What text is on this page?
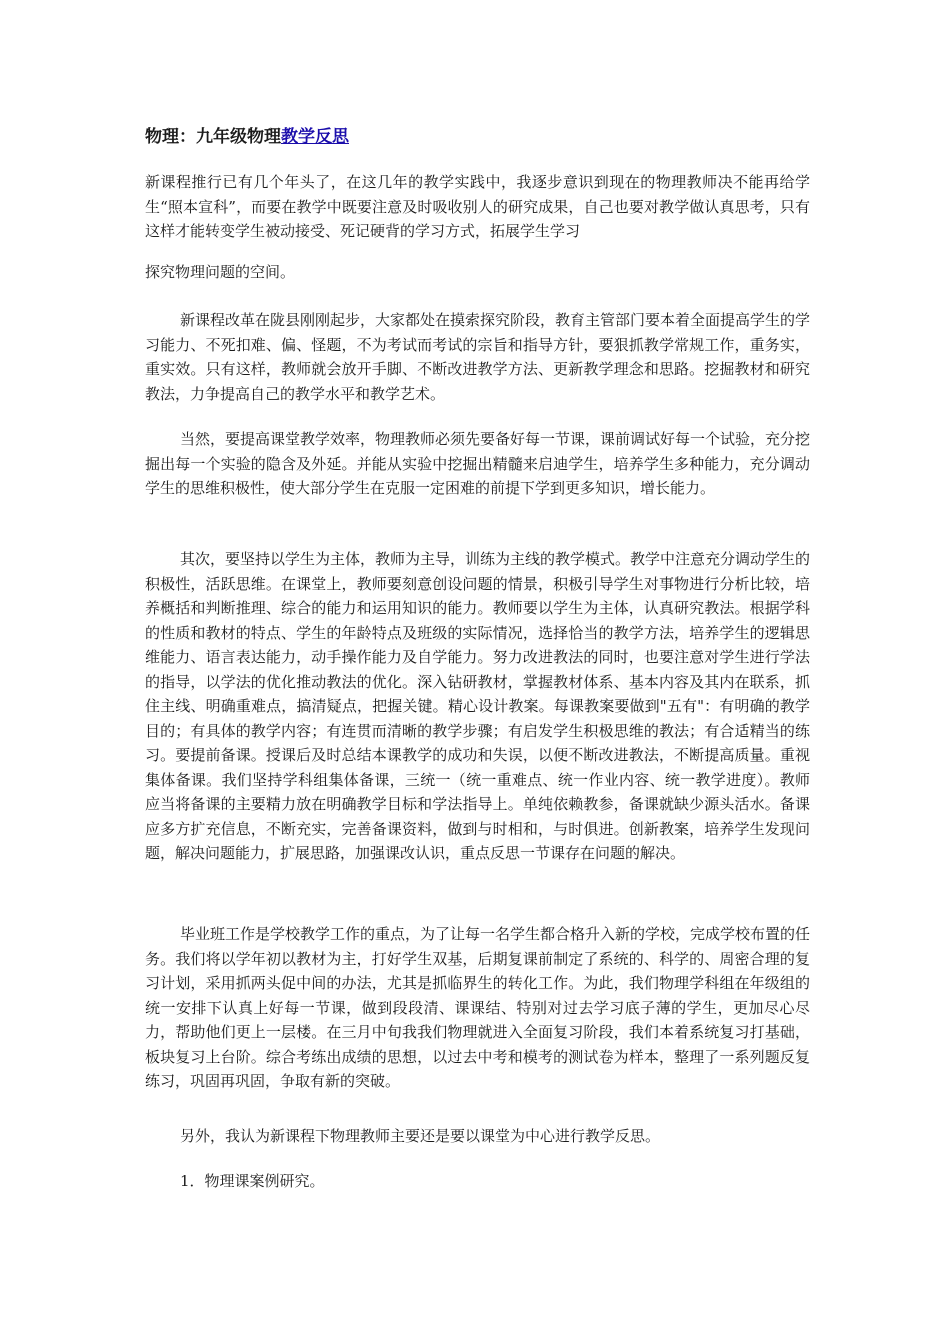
物理：九年级物理教学反思

新课程推行已有几个年头了，在这几年的教学实践中，我逐步意识到现在的物理教师决不能再给学生“照本宣科”，而要在教学中既要注意及时吸收别人的研究成果，自己也要对教学做认真思考，只有这样才能转变学生被动接受、死记硬背的学习方式，拓展学生学习

探究物理问题的空间。

新课程改革在陇县刚刚起步，大家都处在摸索探究阶段，教育主管部门要本着全面提高学生的学习能力、不死扣难、偏、怪题，不为考试而考试的宗旨和指导方针，要狠抓教学常规工作，重务实，重实效。只有这样，教师就会放开手脚、不断改进教学方法、更新教学理念和思路。挖掘教材和研究教法，力争提高自己的教学水平和教学艺术。

当然，要提高课堂教学效率，物理教师必须先要备好每一节课，课前调试好每一个试验，充分挖掘出每一个实验的隐含及外延。并能从实验中挖掘出精髓来启迪学生，培养学生多种能力，充分调动学生的思维积极性，使大部分学生在克服一定困难的前提下学到更多知识，增长能力。

其次，要坚持以学生为主体，教师为主导，训练为主线的教学模式。教学中注意充分调动学生的积极性，活跃思维。在课堂上，教师要刻意创设问题的情景，积极引导学生对事物进行分析比较，培养概括和判断推理、综合的能力和运用知识的能力。教师要以学生为主体，认真研究教法。根据学科的性质和教材的特点、学生的年龄特点及班级的实际情况，选择恰当的教学方法，培养学生的逻辑思维能力、语言表达能力，动手操作能力及自学能力。努力改进教法的同时，也要注意对学生进行学法的指导，以学法的优化推动教法的优化。深入钻研教材，掌握教材体系、基本内容及其内在联系，抓住主线、明确重难点，搞清疑点，把握关键。精心设计教案。每课教案要做到"五有"：有明确的教学目的；有具体的教学内容；有连贯而清晰的教学步骤；有启发学生积极思维的教法；有合适精当的练习。要提前备课。授课后及时总结本课教学的成功和失误，以便不断改进教法，不断提高质量。重视集体备课。我们坚持学科组集体备课，三统一（统一重难点、统一作业内容、统一教学进度）。教师应当将备课的主要精力放在明确教学目标和学法指导上。单纯依赖教参，备课就缺少源头活水。备课应多方扩充信息，不断充实，完善备课资料，做到与时相和，与时俱进。创新教案，培养学生发现问题，解决问题能力，扩展思路，加强课改认识，重点反思一节课存在问题的解决。

毕业班工作是学校教学工作的重点，为了让每一名学生都合格升入新的学校，完成学校布置的任务。我们将以学年初以教材为主，打好学生双基，后期复课前制定了系统的、科学的、周密合理的复习计划，采用抓两头促中间的办法，尤其是抓临界生的转化工作。为此，我们物理学科组在年级组的统一安排下认真上好每一节课，做到段段清、课课结、特别对过去学习底子薄的学生，更加尽心尽力，帮助他们更上一层楼。在三月中旬我我们物理就进入全面复习阶段，我们本着系统复习打基础，板块复习上台阶。综合考练出成绩的思想，以过去中考和模考的测试卷为样本，整理了一系列题反复练习，巩固再巩固，争取有新的突破。

另外，我认为新课程下物理教师主要还是要以课堂为中心进行教学反思。

1．物理课案例研究。
